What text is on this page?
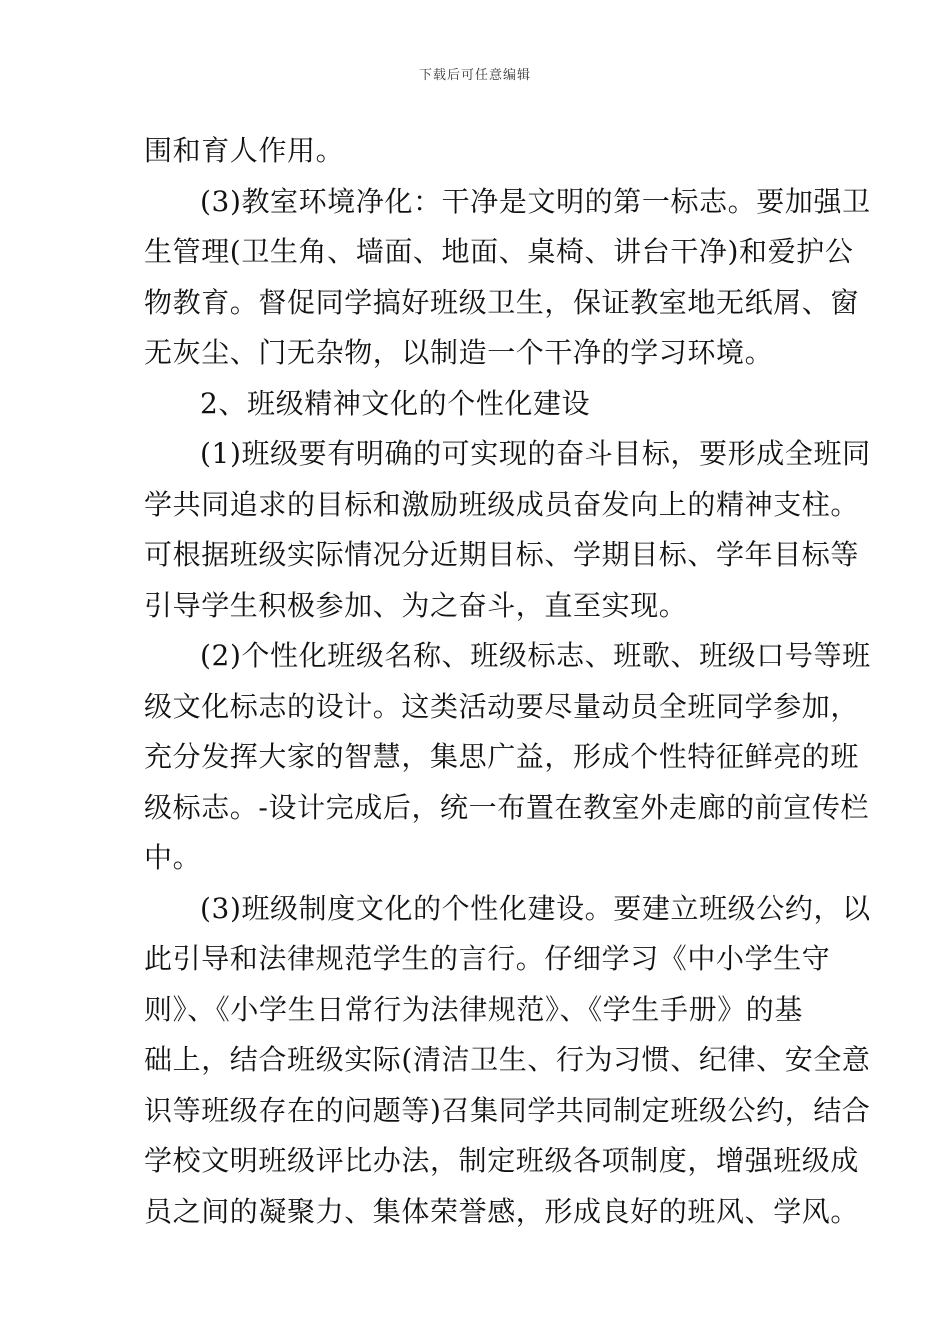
下载后可任意编辑
围和育人作用。
(3)教室环境净化：干净是文明的第一标志。要加强卫
生管理(卫生角、墙面、地面、桌椅、讲台干净)和爱护公
物教育。督促同学搞好班级卫生，保证教室地无纸屑、窗
无灰尘、门无杂物，以制造一个干净的学习环境。
2、班级精神文化的个性化建设
(1)班级要有明确的可实现的奋斗目标，要形成全班同
学共同追求的目标和激励班级成员奋发向上的精神支柱。
可根据班级实际情况分近期目标、学期目标、学年目标等
引导学生积极参加、为之奋斗，直至实现。
(2)个性化班级名称、班级标志、班歌、班级口号等班
级文化标志的设计。这类活动要尽量动员全班同学参加，
充分发挥大家的智慧，集思广益，形成个性特征鲜亮的班
级标志。-设计完成后，统一布置在教室外走廊的前宣传栏
中。
(3)班级制度文化的个性化建设。要建立班级公约，以
此引导和法律规范学生的言行。仔细学习《中小学生守
则》、《小学生日常行为法律规范》、《学生手册》的基
础上，结合班级实际(清洁卫生、行为习惯、纪律、安全意
识等班级存在的问题等)召集同学共同制定班级公约，结合
学校文明班级评比办法，制定班级各项制度，增强班级成
员之间的凝聚力、集体荣誉感，形成良好的班风、学风。
